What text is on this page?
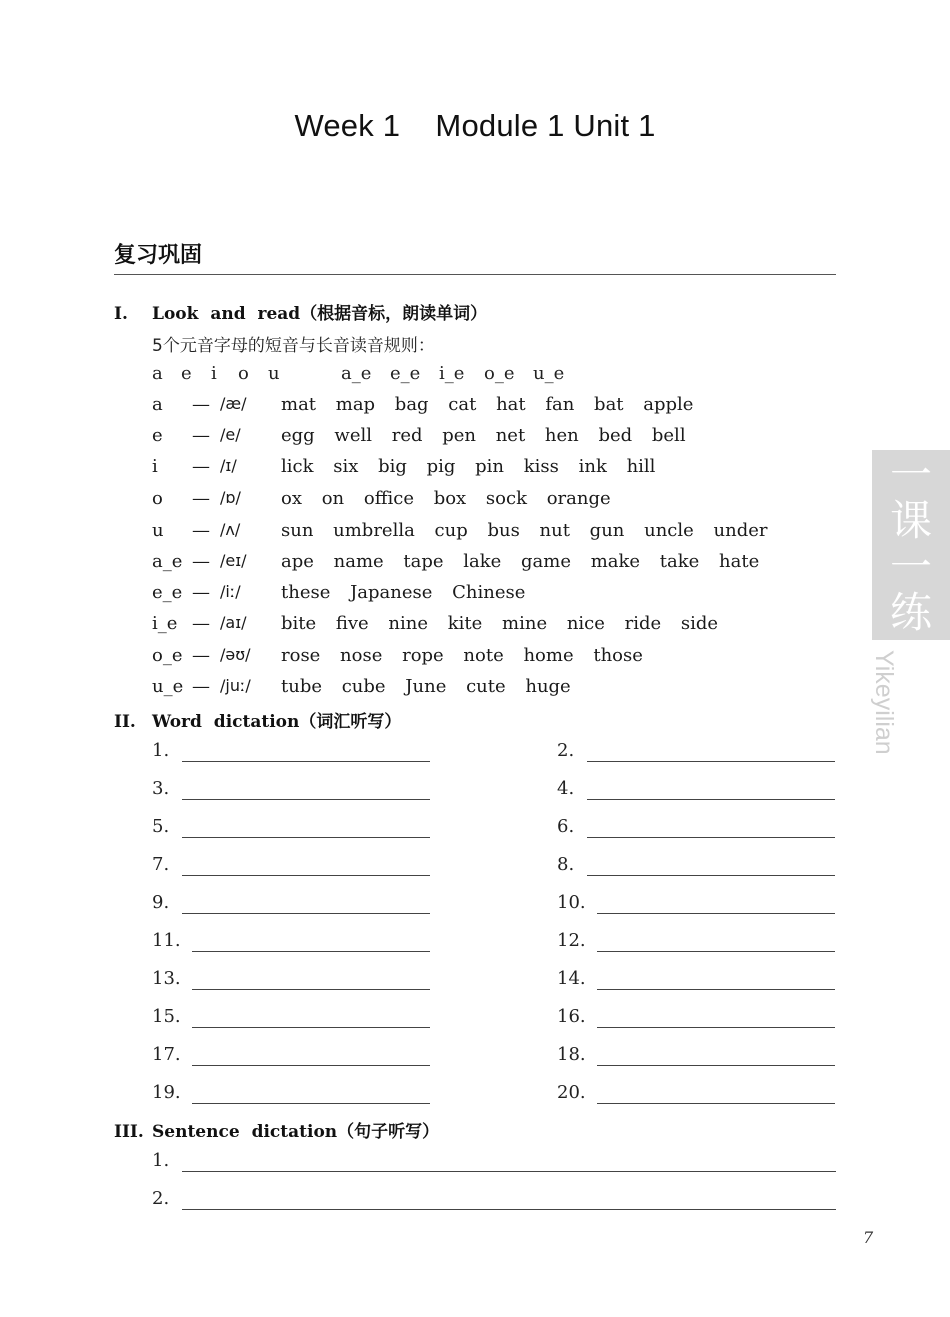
Week 1    Module 1 Unit 1
复习巩固
I. Look and read（根据音标，朗读单词）
5个元音字母的短音与长音读音规则：
a e i o u	a_e e_e i_e o_e u_e
a — /æ/ mat map bag cat hat fan bat apple
e — /e/ egg well red pen net hen bed bell
i — /ɪ/ lick six big pig pin kiss ink hill
o — /ɒ/ ox on office box sock orange
u — /ʌ/ sun umbrella cup bus nut gun uncle under
a_e — /eɪ/ ape name tape lake game make take hate
e_e — /iː/ these Japanese Chinese
i_e — /aɪ/ bite five nine kite mine nice ride side
o_e — /əʊ/ rose nose rope note home those
u_e — /juː/ tube cube June cute huge
II. Word dictation（词汇听写）
1.	2.
3.	4.
5.	6.
7.	8.
9.	10.
11.	12.
13.	14.
15.	16.
17.	18.
19.	20.
III. Sentence dictation（句子听写）
1.
2.
一
课
一
练
Yikeyilian
7
